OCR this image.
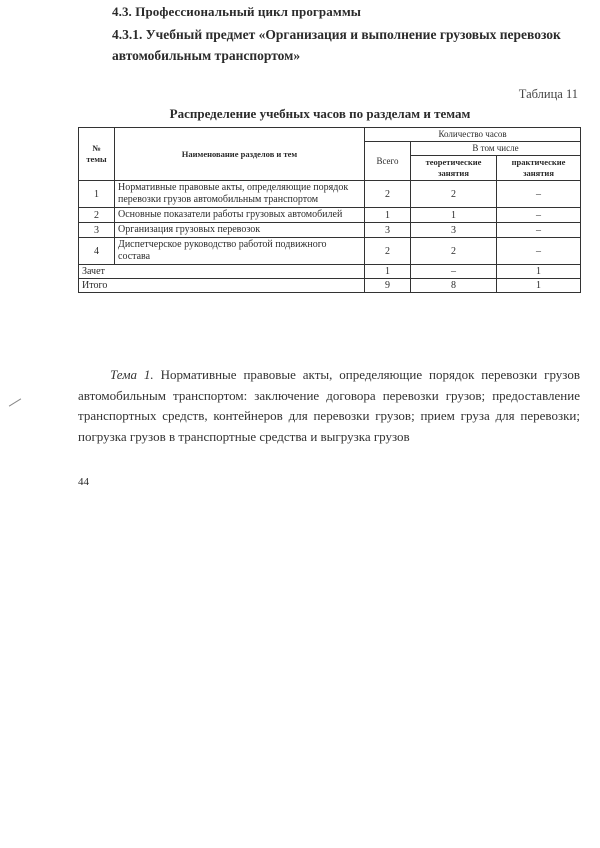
4.3. Профессиональный цикл программы
4.3.1. Учебный предмет «Организация и выполнение грузовых перевозок автомобильным транспортом»
Таблица 11
Распределение учебных часов по разделам и темам
№ темы	Наименование разделов и тем	Количество часов		
		Всего	В том числе	
			теоретические занятия	практические занятия
1	Нормативные правовые акты, определяющие порядок перевозки грузов автомобильным транспортом	2	2	–
2	Основные показатели работы грузовых автомобилей	1	1	–
3	Организация грузовых перевозок	3	3	–
4	Диспетчерское руководство работой подвижного состава	2	2	–
Зачет		1	–	1
Итого		9	8	1
Тема 1. Нормативные правовые акты, определяющие порядок перевозки грузов автомобильным транспортом: заключение договора перевозки грузов; предоставление транспортных средств, контейнеров для перевозки грузов; прием груза для перевозки; погрузка грузов в транспортные средства и выгрузка грузов
44
